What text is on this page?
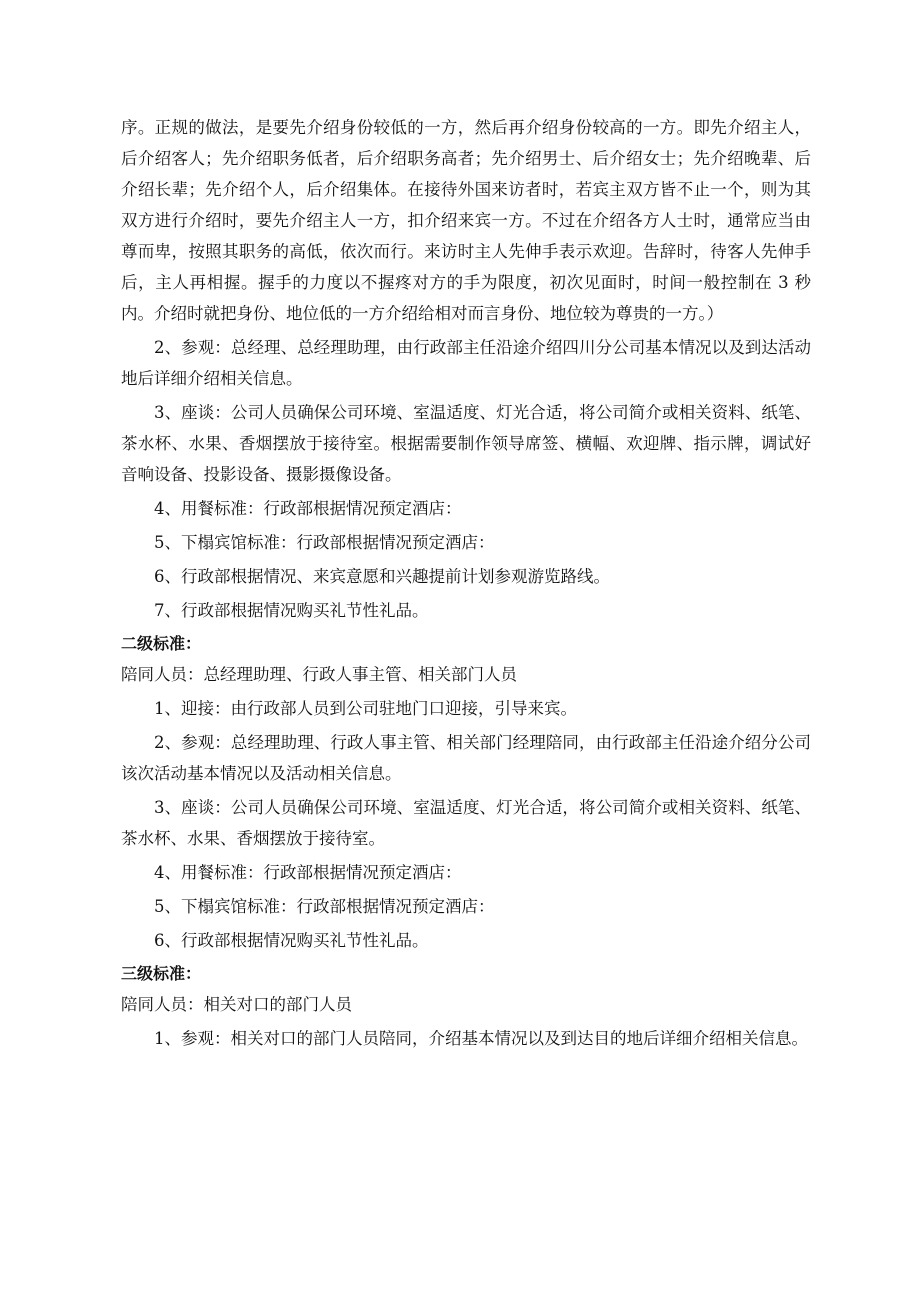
序。正规的做法，是要先介绍身份较低的一方，然后再介绍身份较高的一方。即先介绍主人，后介绍客人；先介绍职务低者，后介绍职务高者；先介绍男士、后介绍女士；先介绍晚辈、后介绍长辈；先介绍个人，后介绍集体。在接待外国来访者时，若宾主双方皆不止一个，则为其双方进行介绍时，要先介绍主人一方，扣介绍来宾一方。不过在介绍各方人士时，通常应当由尊而卑，按照其职务的高低，依次而行。来访时主人先伸手表示欢迎。告辞时，待客人先伸手后，主人再相握。握手的力度以不握疼对方的手为限度，初次见面时，时间一般控制在 3 秒内。介绍时就把身份、地位低的一方介绍给相对而言身份、地位较为尊贵的一方。）

2、参观：总经理、总经理助理，由行政部主任沿途介绍四川分公司基本情况以及到达活动地后详细介绍相关信息。

3、座谈：公司人员确保公司环境、室温适度、灯光合适，将公司简介或相关资料、纸笔、茶水杯、水果、香烟摆放于接待室。根据需要制作领导席签、横幅、欢迎牌、指示牌，调试好音响设备、投影设备、摄影摄像设备。

4、用餐标准：行政部根据情况预定酒店：

5、下榻宾馆标准：行政部根据情况预定酒店：

6、行政部根据情况、来宾意愿和兴趣提前计划参观游览路线。

7、行政部根据情况购买礼节性礼品。

二级标准：

陪同人员：总经理助理、行政人事主管、相关部门人员

1、迎接：由行政部人员到公司驻地门口迎接，引导来宾。

2、参观：总经理助理、行政人事主管、相关部门经理陪同，由行政部主任沿途介绍分公司该次活动基本情况以及活动相关信息。

3、座谈：公司人员确保公司环境、室温适度、灯光合适，将公司简介或相关资料、纸笔、茶水杯、水果、香烟摆放于接待室。

4、用餐标准：行政部根据情况预定酒店：

5、下榻宾馆标准：行政部根据情况预定酒店：

6、行政部根据情况购买礼节性礼品。

三级标准：

陪同人员：相关对口的部门人员

1、参观：相关对口的部门人员陪同，介绍基本情况以及到达目的地后详细介绍相关信息。
